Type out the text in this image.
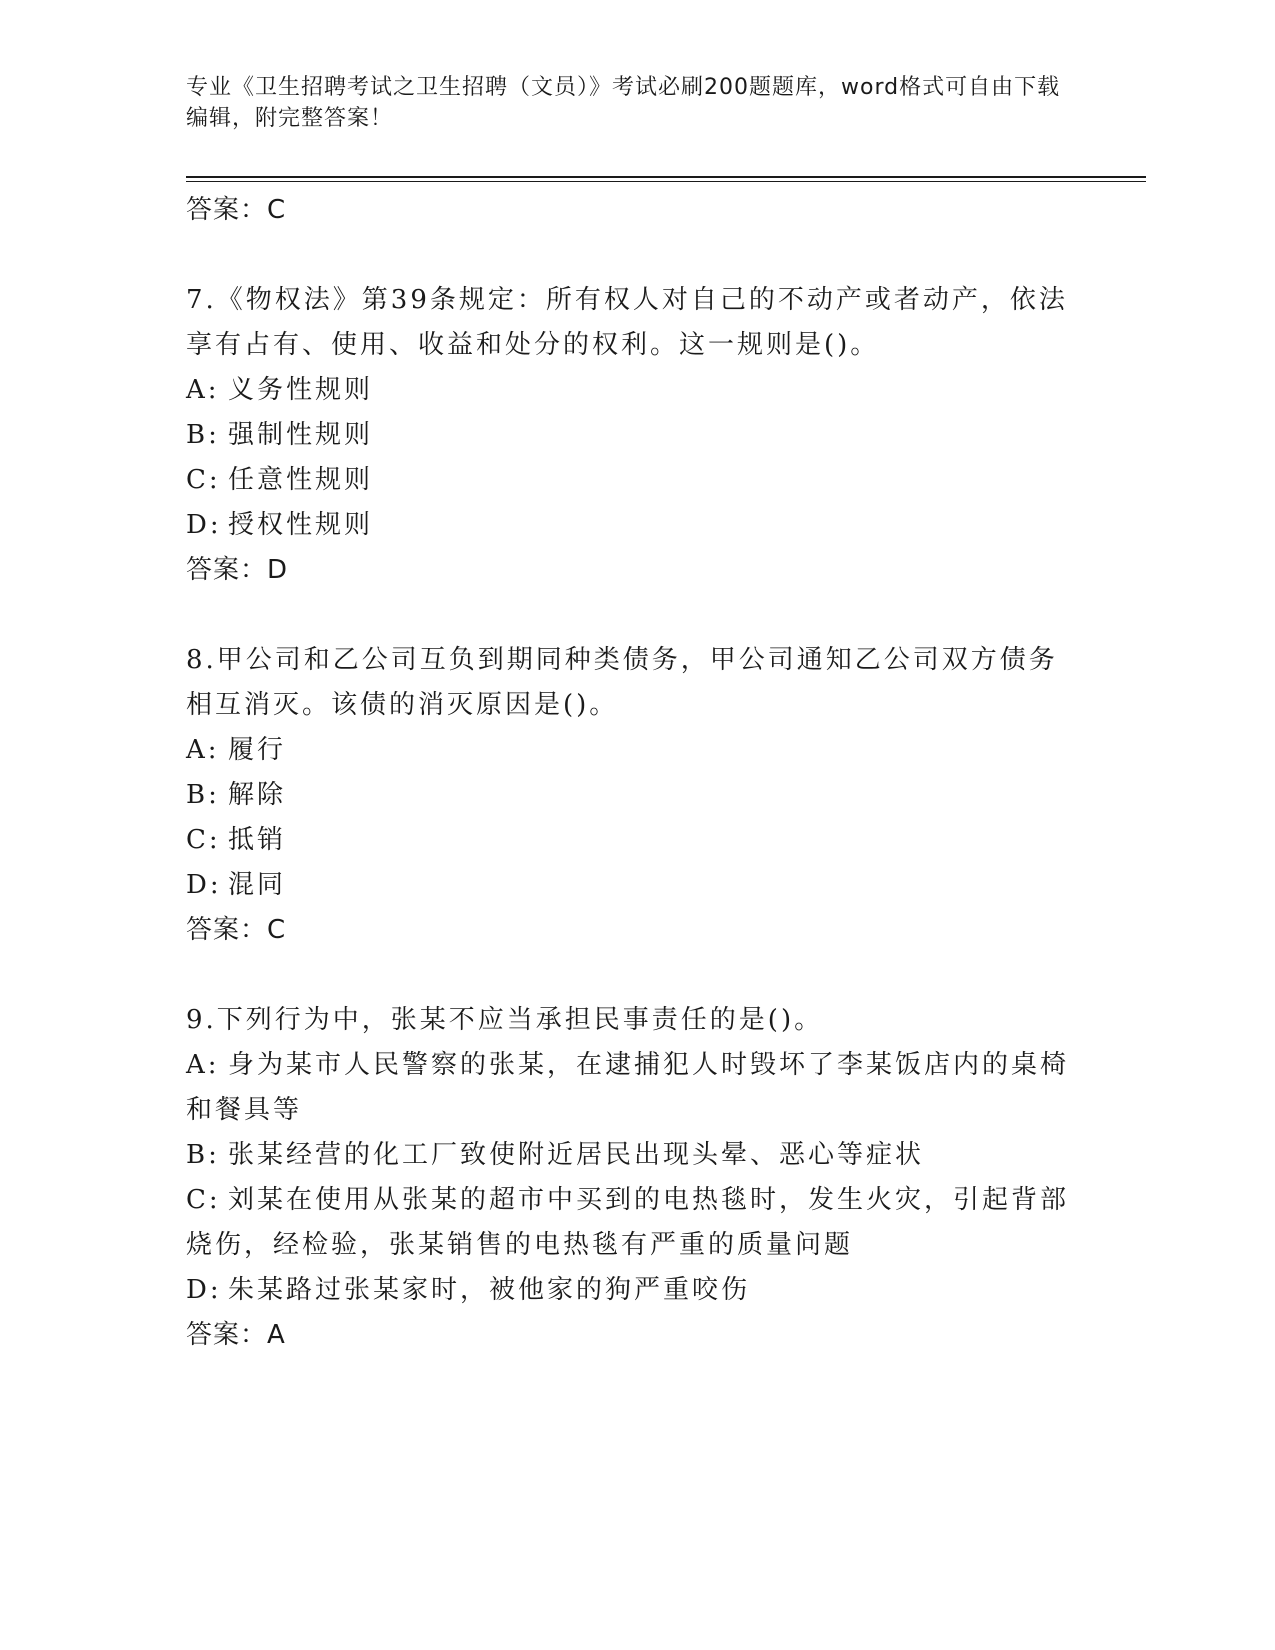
专业《卫生招聘考试之卫生招聘（文员）》考试必刷200题题库，word格式可自由下载编辑，附完整答案！
答案：C
7.《物权法》第39条规定：所有权人对自己的不动产或者动产，依法享有占有、使用、收益和处分的权利。这一规则是()。
A: 义务性规则
B: 强制性规则
C: 任意性规则
D: 授权性规则
答案：D
8.甲公司和乙公司互负到期同种类债务，甲公司通知乙公司双方债务相互消灭。该债的消灭原因是()。
A: 履行
B: 解除
C: 抵销
D: 混同
答案：C
9.下列行为中，张某不应当承担民事责任的是()。
A: 身为某市人民警察的张某，在逮捕犯人时毁坏了李某饭店内的桌椅和餐具等
B: 张某经营的化工厂致使附近居民出现头晕、恶心等症状
C: 刘某在使用从张某的超市中买到的电热毯时，发生火灾，引起背部烧伤，经检验，张某销售的电热毯有严重的质量问题
D: 朱某路过张某家时，被他家的狗严重咬伤
答案：A
